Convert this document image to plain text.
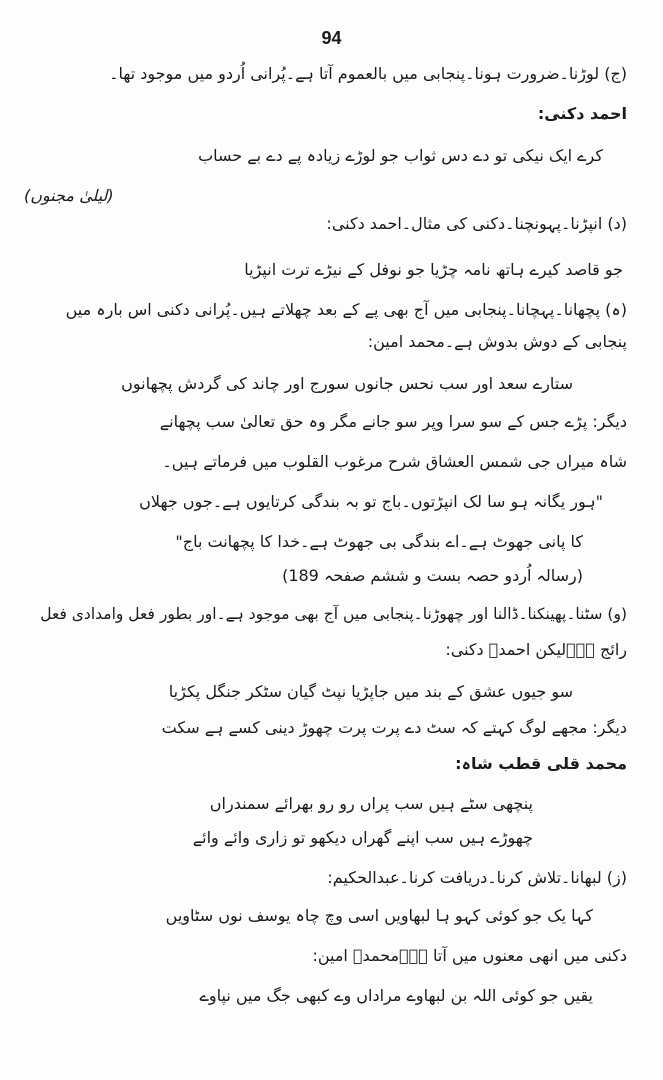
94
(ج) لوڑنا۔ضرورت ہونا۔پنجابی میں بالعموم آتا ہے۔پُرانی اُردو میں موجود تھا۔
احمد دکنی:
کرے ایک نیکی تو دے دس ثواب جو لوڑے زیادہ پے دے بے حساب
(لیلیٰ مجنوں)
(د) انپڑنا۔پہونچنا۔دکنی کی مثال۔احمد دکنی:
جو قاصد کیرے ہاتھ نامہ چڑیا جو نوفل کے نیڑے ترت انپڑیا
(ہ) پچھانا۔پہچانا۔پنجابی میں آج بھی پے کے بعد چھلاتے ہیں۔پُرانی دکنی اس بارہ میں
پنجابی کے دوش بدوش ہے۔محمد امین:
ستارے سعد اور سب نحس جانوں سورج اور چاند کی گردش پچھانوں
دیگر: پڑے جس کے سو سرا وپر سو جانے مگر وہ حق تعالیٰ سب پچھانے
شاہ میراں جی شمس العشاق شرح مرغوب القلوب میں فرماتے ہیں۔
"ہور یگانہ ہو سا لک انپڑتوں۔باج تو بہ بندگی کرتایوں ہے۔جوں جھلاں
کا پانی جھوٹ ہے۔اے بندگی بی جھوٹ ہے۔خدا کا پچھانت باج"
(رسالہ اُردو حصہ بست و ششم صفحہ 189)
(و) سٹنا۔پھینکنا۔ڈالنا اور چھوڑنا۔پنجابی میں آج بھی موجود ہے۔اور بطور فعل وامدادی فعل
رائج ہے۔لیکن احمدؔ دکنی:
سو جیوں عشق کے بند میں جاپڑیا نپٹ گیان سٹکر جنگل پکڑیا
دیگر: مجھے لوگ کہتے کہ سٹ دے پرت پرت چھوڑ دینی کسے ہے سکت
محمد قلی قطب شاہ:
پنچھی سٹے ہیں سب پراں رو رو بھرائے سمندراں
چھوڑے ہیں سب اپنے گھراں دیکھو تو زاری وائے وائے
(ز) لبھانا۔تلاش کرنا۔دریافت کرنا۔عبدالحکیم:
کہا یک جو کوئی کہو ہا لبھاویں اسی وچ چاہ یوسف نوں سٹاویں
دکنی میں انھی معنوں میں آتا ہے۔محمدؔ امین:
یقیں جو کوئی اللہ بن لبھاوے مراداں وے کبھی جگ میں نپاوے
